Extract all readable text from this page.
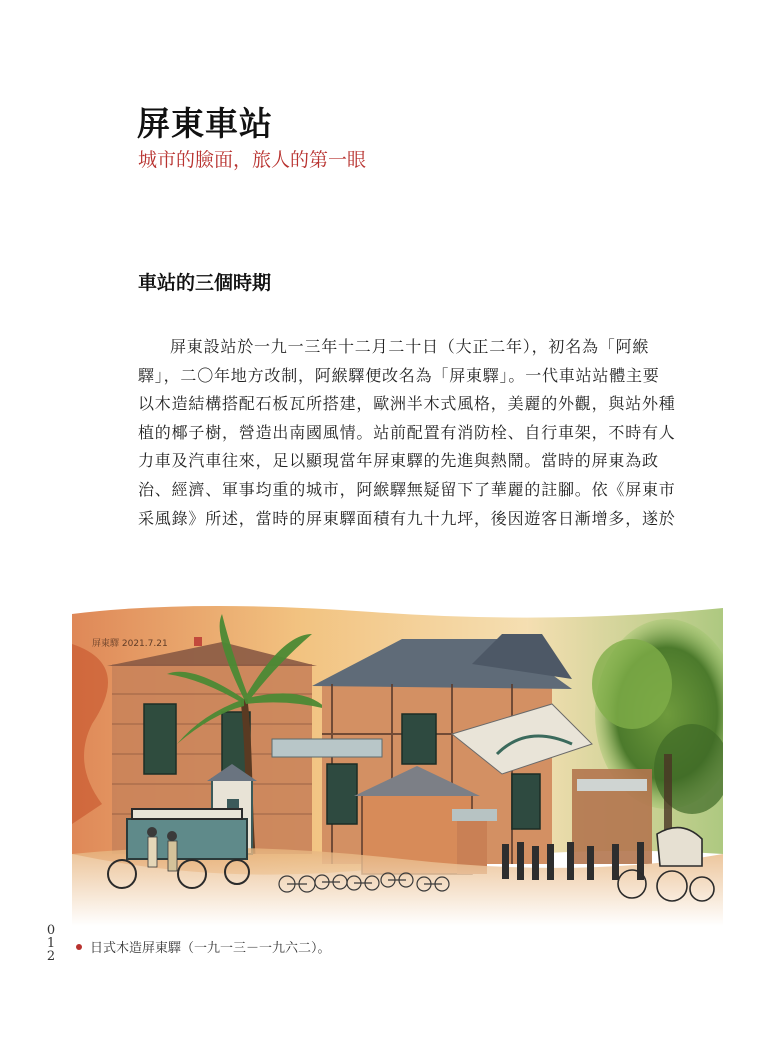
屏東車站
城市的臉面，旅人的第一眼
車站的三個時期
屏東設站於一九一三年十二月二十日（大正二年），初名為「阿緱
驛」，二〇年地方改制，阿緱驛便改名為「屏東驛」。一代車站站體主要
以木造結構搭配石板瓦所搭建，歐洲半木式風格，美麗的外觀，與站外種
植的椰子樹，營造出南國風情。站前配置有消防栓、自行車架，不時有人
力車及汽車往來，足以顯現當年屏東驛的先進與熱鬧。當時的屏東為政
治、經濟、軍事均重的城市，阿緱驛無疑留下了華麗的註腳。依《屏東市
采風錄》所述，當時的屏東驛面積有九十九坪，後因遊客日漸增多，遂於
屏東驛 2021.7.21
0
1
2
日式木造屏東驛（一九一三－一九六二）。
